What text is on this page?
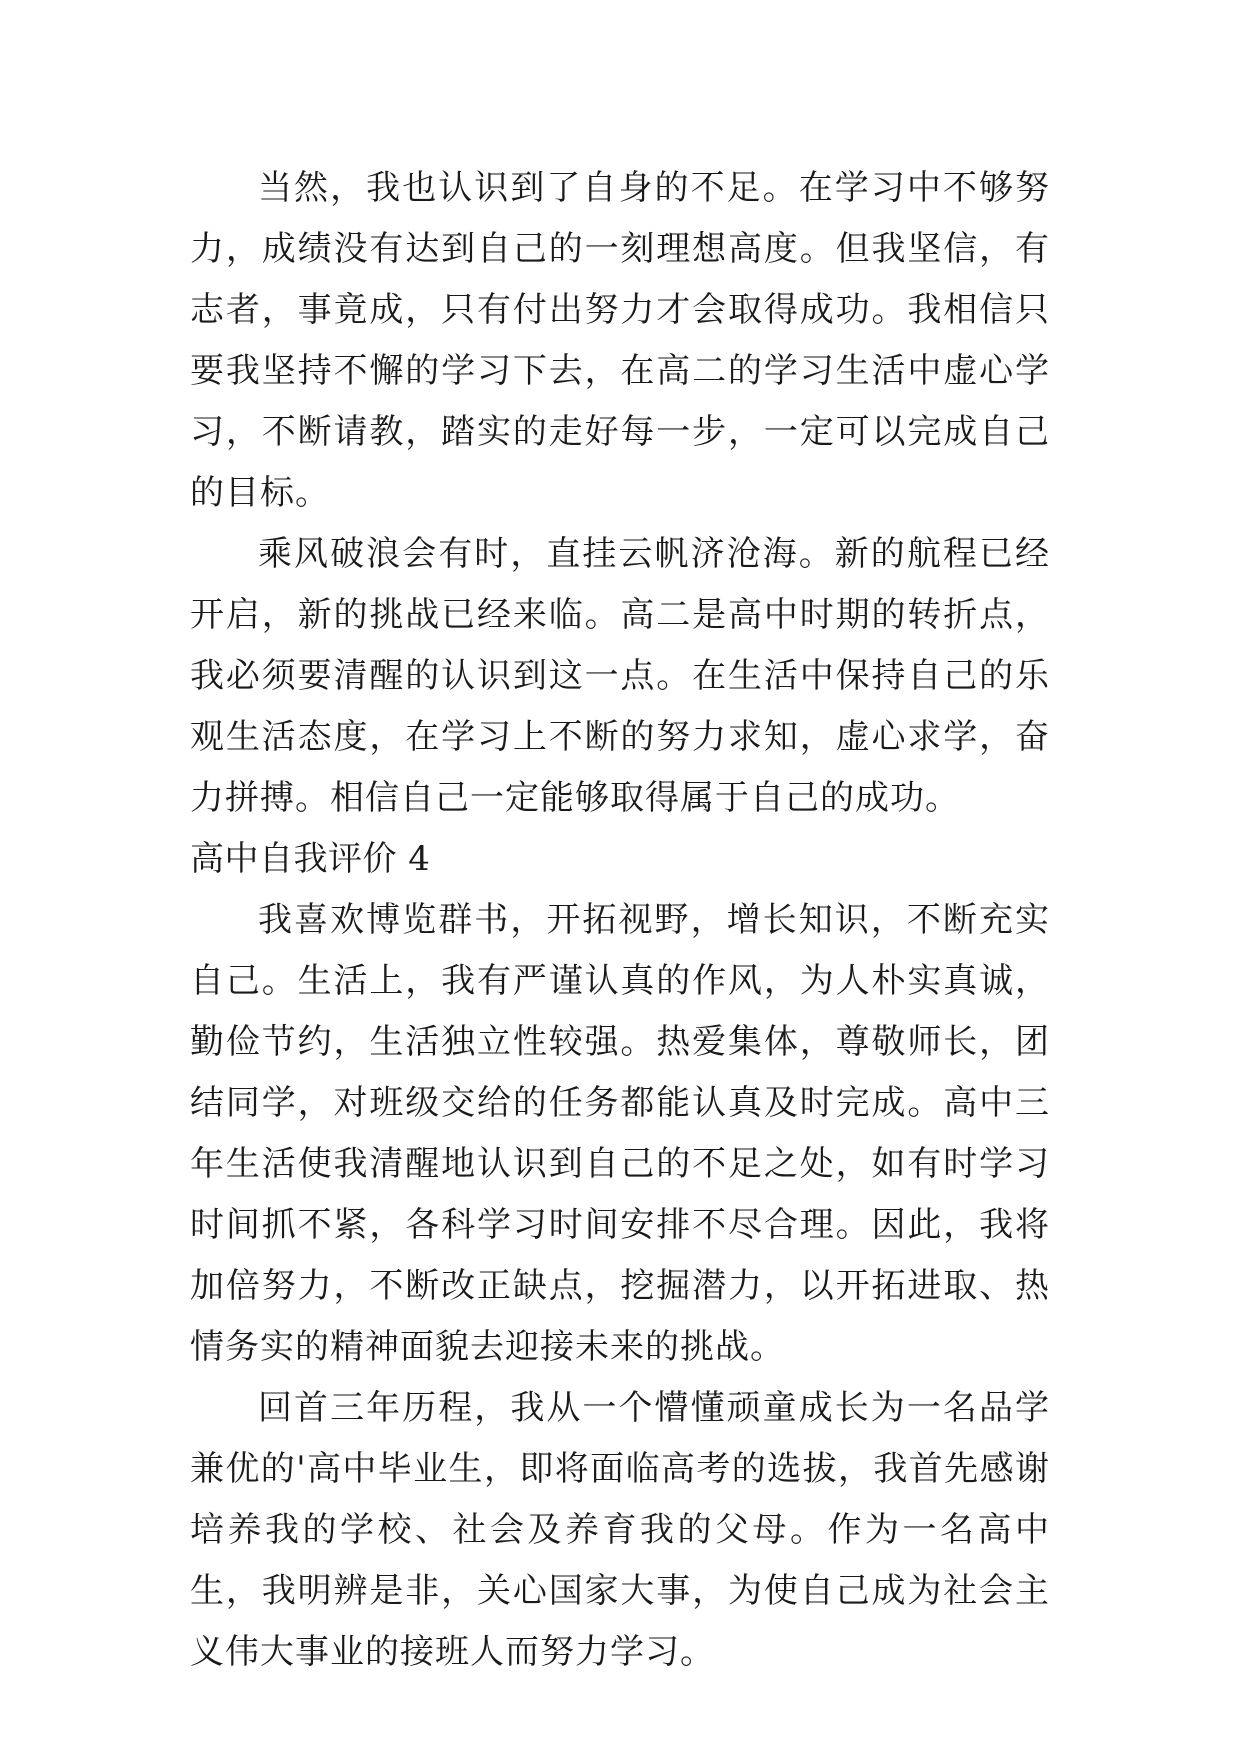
当然，我也认识到了自身的不足。在学习中不够努力，成绩没有达到自己的一刻理想高度。但我坚信，有志者，事竟成，只有付出努力才会取得成功。我相信只要我坚持不懈的学习下去，在高二的学习生活中虚心学习，不断请教，踏实的走好每一步，一定可以完成自己的目标。

乘风破浪会有时，直挂云帆济沧海。新的航程已经开启，新的挑战已经来临。高二是高中时期的转折点，我必须要清醒的认识到这一点。在生活中保持自己的乐观生活态度，在学习上不断的努力求知，虚心求学，奋力拼搏。相信自己一定能够取得属于自己的成功。

高中自我评价 4

我喜欢博览群书，开拓视野，增长知识，不断充实自己。生活上，我有严谨认真的作风，为人朴实真诚，勤俭节约，生活独立性较强。热爱集体，尊敬师长，团结同学，对班级交给的任务都能认真及时完成。高中三年生活使我清醒地认识到自己的不足之处，如有时学习时间抓不紧，各科学习时间安排不尽合理。因此，我将加倍努力，不断改正缺点，挖掘潜力，以开拓进取、热情务实的精神面貌去迎接未来的挑战。

回首三年历程，我从一个懵懂顽童成长为一名品学兼优的'高中毕业生，即将面临高考的选拔，我首先感谢培养我的学校、社会及养育我的父母。作为一名高中生，我明辨是非，关心国家大事，为使自己成为社会主义伟大事业的接班人而努力学习。
